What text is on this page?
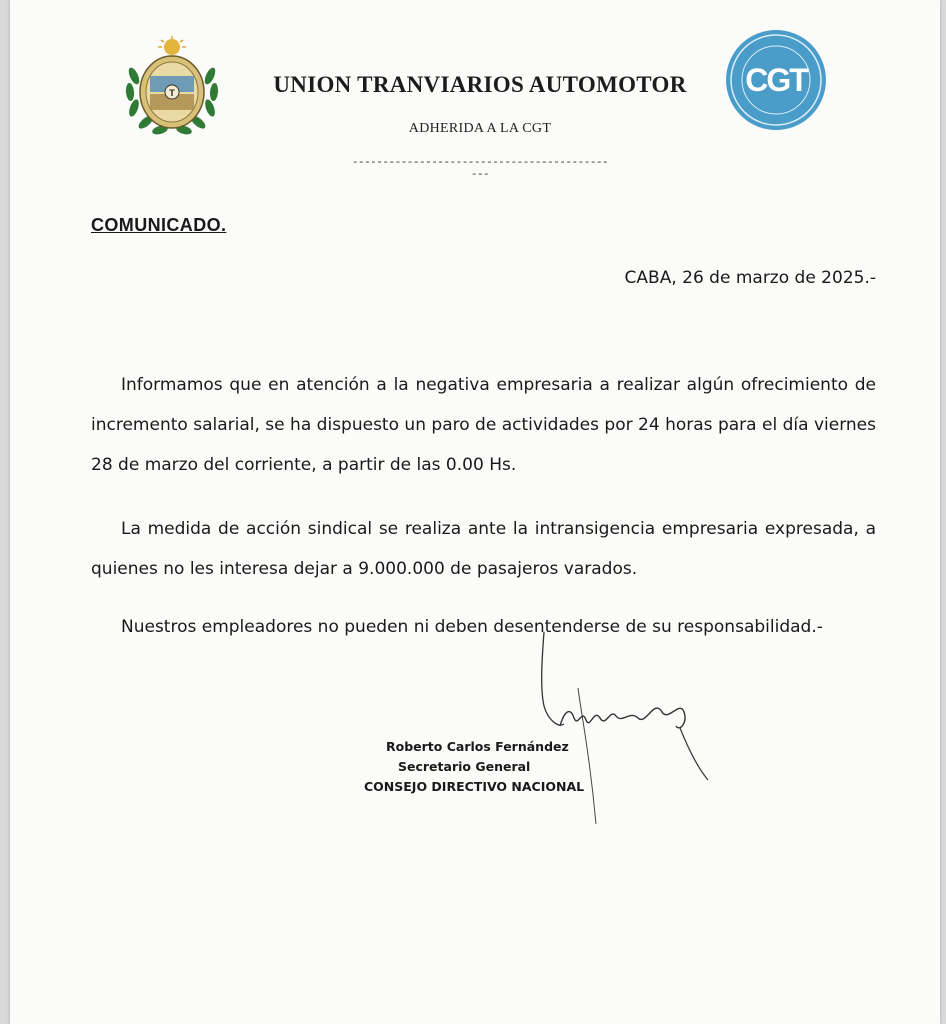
T	UNION TRANVIARIOS AUTOMOTOR
ADHERIDA A LA CGT
---------------------------------------------
CGT
COMUNICADO.
CABA, 26 de marzo de 2025.-
Informamos que en atención a la negativa empresaria a realizar algún ofrecimiento de incremento salarial, se ha dispuesto un paro de actividades por 24 horas para el día viernes 28 de marzo del corriente, a partir de las 0.00 Hs.
La medida de acción sindical se realiza ante la intransigencia empresaria expresada, a quienes no les interesa dejar a 9.000.000 de pasajeros varados.
Nuestros empleadores no pueden ni deben desentenderse de su responsabilidad.-
Roberto Carlos Fernández
Secretario General
CONSEJO DIRECTIVO NACIONAL
